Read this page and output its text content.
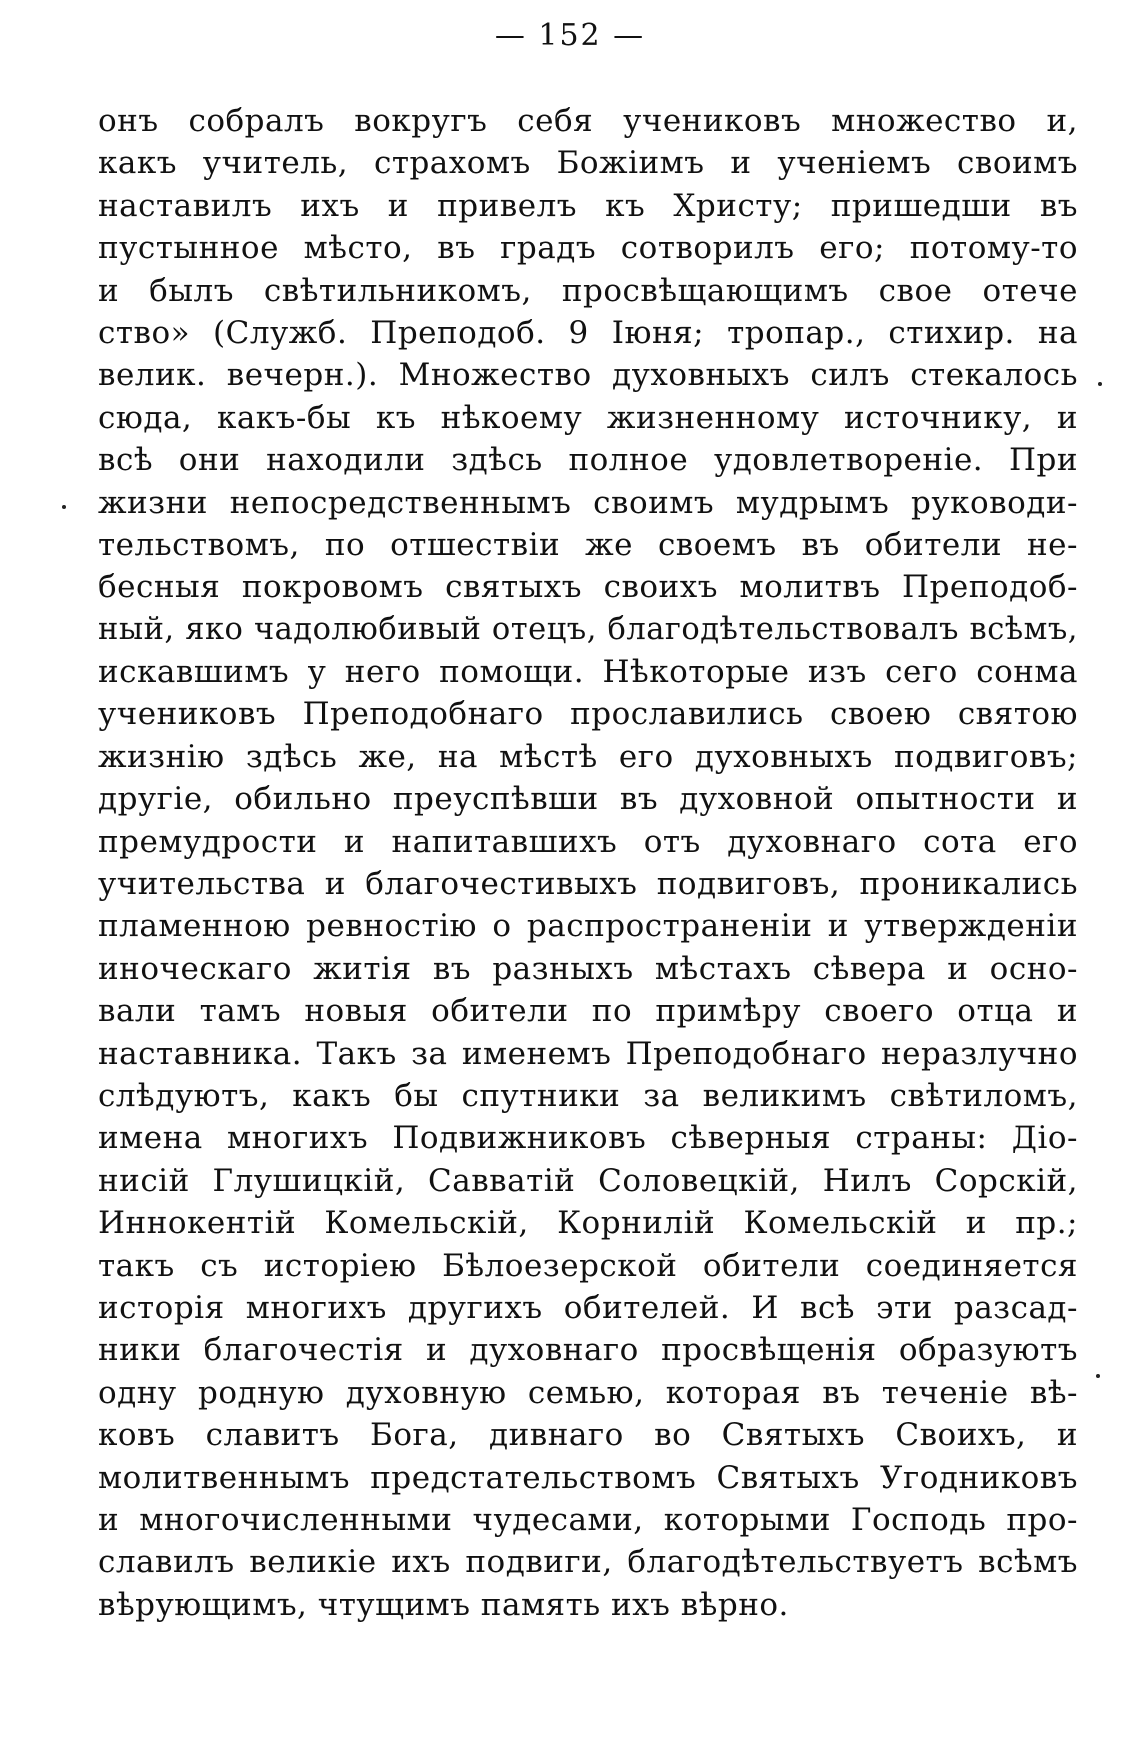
— 152 —
онъ собралъ вокругъ себя учениковъ множество и,
какъ учитель, страхомъ Божіимъ и ученіемъ своимъ
наставилъ ихъ и привелъ къ Христу; пришедши въ
пустынное мѣсто, въ градъ сотворилъ его; потому-то
и былъ свѣтильникомъ, просвѣщающимъ свое отече
ство» (Служб. Преподоб. 9 Іюня; тропар., стихир. на
велик. вечерн.). Множество духовныхъ силъ стекалось
сюда, какъ-бы къ нѣкоему жизненному источнику, и
всѣ они находили здѣсь полное удовлетвореніе. При
жизни непосредственнымъ своимъ мудрымъ руководи-
тельствомъ, по отшествіи же своемъ въ обители не-
бесныя покровомъ святыхъ своихъ молитвъ Преподоб-
ный, яко чадолюбивый отецъ, благодѣтельствовалъ всѣмъ,
искавшимъ у него помощи. Нѣкоторые изъ сего сонма
учениковъ Преподобнаго прославились своею святою
жизнію здѣсь же, на мѣстѣ его духовныхъ подвиговъ;
другіе, обильно преуспѣвши въ духовной опытности и
премудрости и напитавшихъ отъ духовнаго сота его
учительства и благочестивыхъ подвиговъ, проникались
пламенною ревностію о распространеніи и утвержденіи
иноческаго житія въ разныхъ мѣстахъ сѣвера и осно-
вали тамъ новыя обители по примѣру своего отца и
наставника. Такъ за именемъ Преподобнаго неразлучно
слѣдуютъ, какъ бы спутники за великимъ свѣтиломъ,
имена многихъ Подвижниковъ сѣверныя страны: Діо-
нисій Глушицкій, Савватій Соловецкій, Нилъ Сорскій,
Иннокентій Комельскій, Корнилій Комельскій и пр.;
такъ съ исторіею Бѣлоезерской обители соединяется
исторія многихъ другихъ обителей. И всѣ эти разсад-
ники благочестія и духовнаго просвѣщенія образуютъ
одну родную духовную семью, которая въ теченіе вѣ-
ковъ славитъ Бога, дивнаго во Святыхъ Своихъ, и
молитвеннымъ предстательствомъ Святыхъ Угодниковъ
и многочисленными чудесами, которыми Господь про-
славилъ великіе ихъ подвиги, благодѣтельствуетъ всѣмъ
вѣрующимъ, чтущимъ память ихъ вѣрно.
